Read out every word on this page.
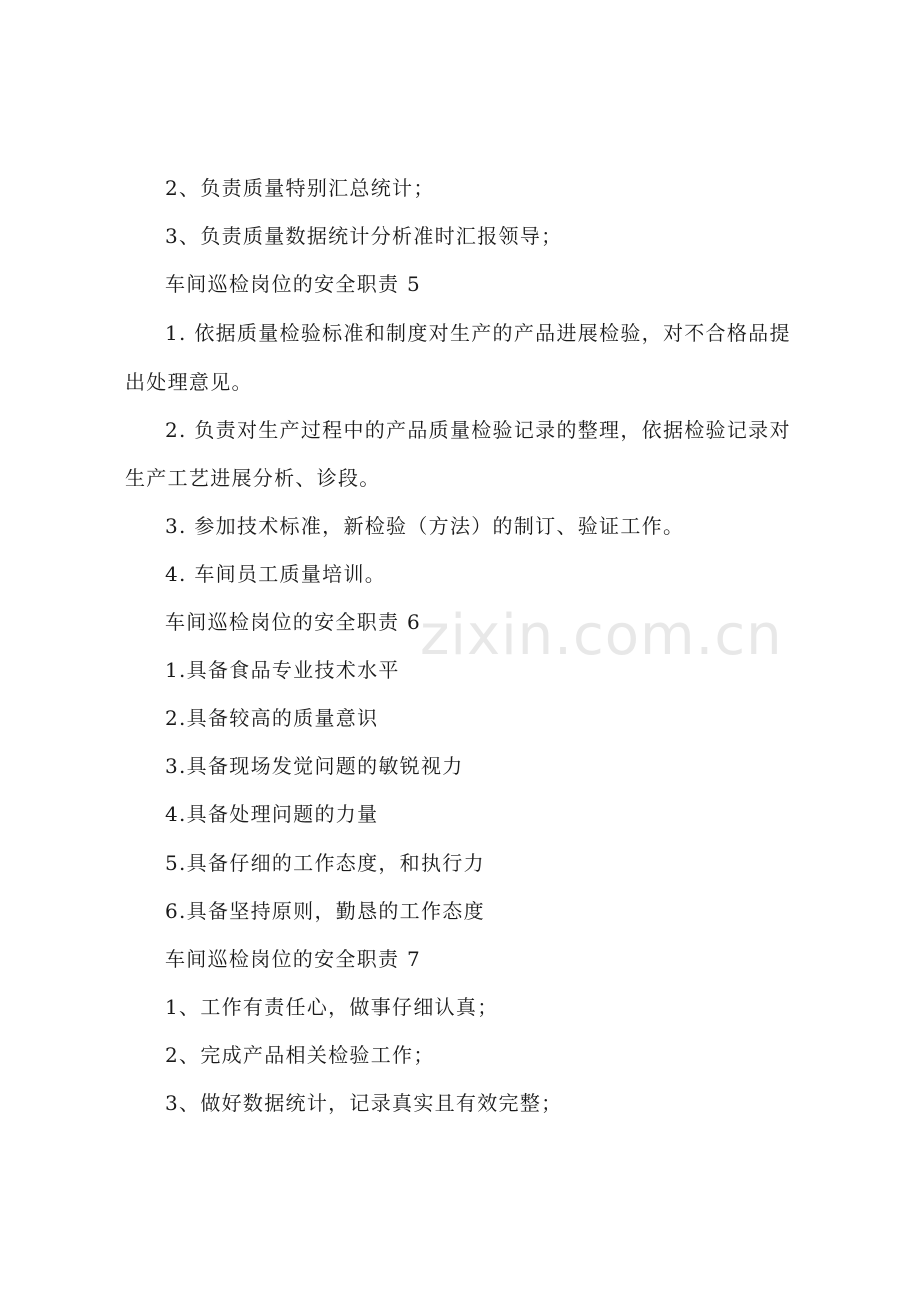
2、负责质量特别汇总统计；
3、负责质量数据统计分析准时汇报领导；
车间巡检岗位的安全职责 5
1. 依据质量检验标准和制度对生产的产品进展检验，对不合格品提
出处理意见。
2. 负责对生产过程中的产品质量检验记录的整理，依据检验记录对
生产工艺进展分析、诊段。
3. 参加技术标准，新检验（方法）的制订、验证工作。
4. 车间员工质量培训。
车间巡检岗位的安全职责 6
1.具备食品专业技术水平
2.具备较高的质量意识
3.具备现场发觉问题的敏锐视力
4.具备处理问题的力量
5.具备仔细的工作态度，和执行力
6.具备坚持原则，勤恳的工作态度
车间巡检岗位的安全职责 7
1、工作有责任心，做事仔细认真；
2、完成产品相关检验工作；
3、做好数据统计，记录真实且有效完整；
zixin.com.cn
